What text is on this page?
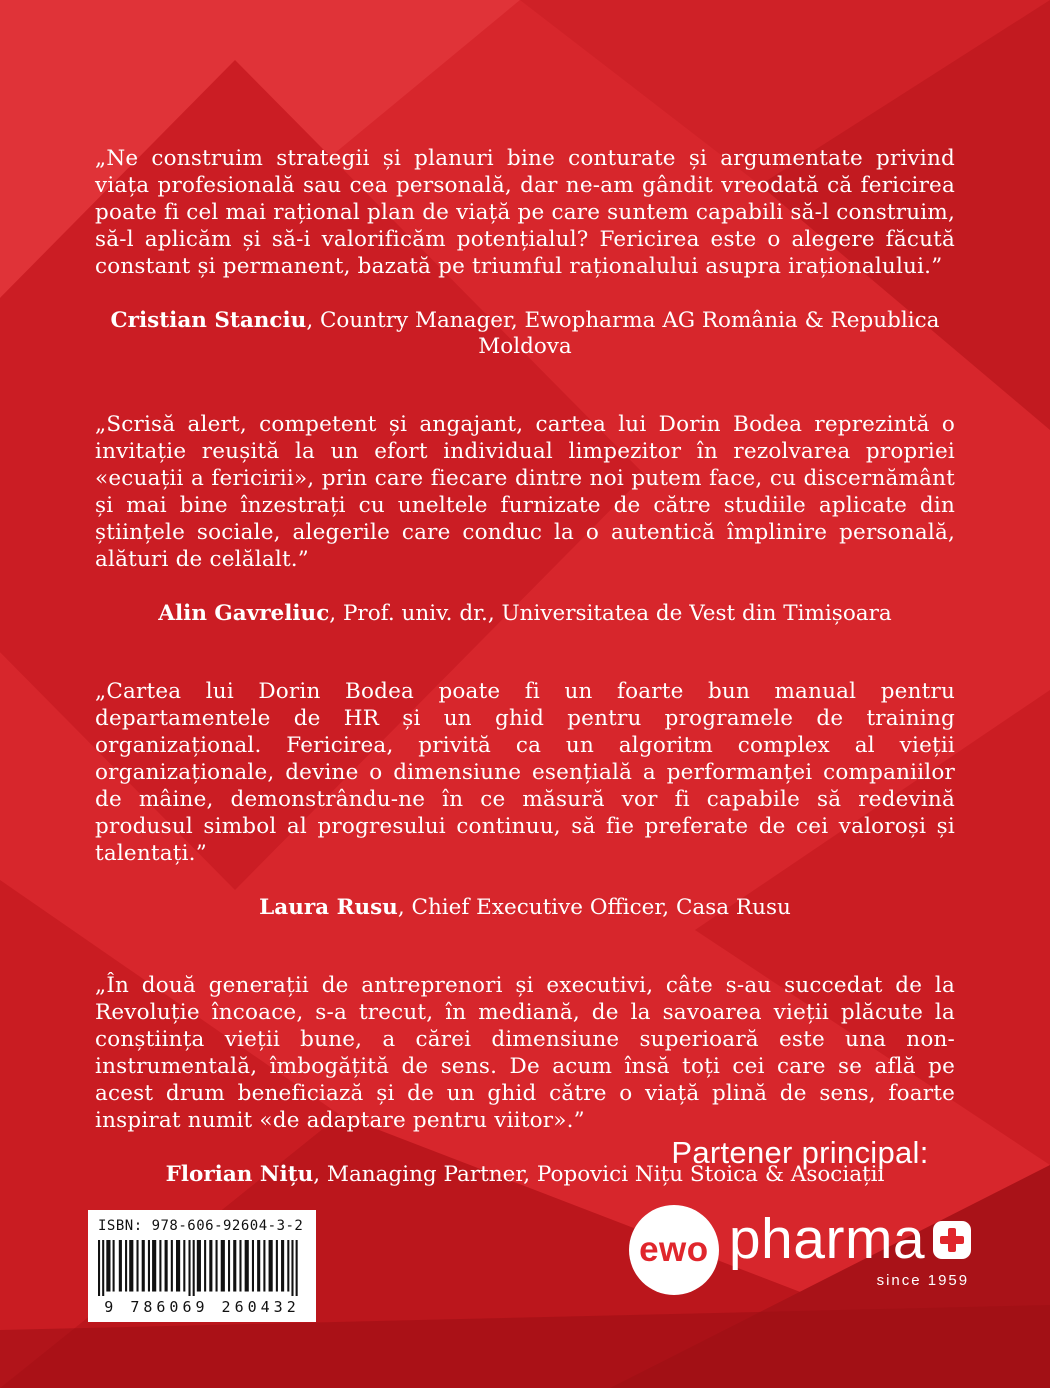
„Ne construim strategii și planuri bine conturate și argumentate privind viața profesională sau cea personală, dar ne-am gândit vreodată că fericirea poate fi cel mai rațional plan de viață pe care suntem capabili să-l construim, să-l aplicăm și să-i valorificăm potențialul? Fericirea este o alegere făcută constant și permanent, bazată pe triumful raționalului asupra iraționalului.”

Cristian Stanciu, Country Manager, Ewopharma AG România & Republica Moldova

„Scrisă alert, competent și angajant, cartea lui Dorin Bodea reprezintă o invitație reușită la un efort individual limpezitor în rezolvarea propriei «ecuații a fericirii», prin care fiecare dintre noi putem face, cu discernământ și mai bine înzestrați cu uneltele furnizate de către studiile aplicate din științele sociale, alegerile care conduc la o autentică împlinire personală, alături de celălalt.”

Alin Gavreliuc, Prof. univ. dr., Universitatea de Vest din Timișoara

„Cartea lui Dorin Bodea poate fi un foarte bun manual pentru departamentele de HR și un ghid pentru programele de training organizațional. Fericirea, privită ca un algoritm complex al vieții organizaționale, devine o dimensiune esențială a performanței companiilor de mâine, demonstrându-ne în ce măsură vor fi capabile să redevină produsul simbol al progresului continuu, să fie preferate de cei valoroși și talentați.”

Laura Rusu, Chief Executive Officer, Casa Rusu

„În două generații de antreprenori și executivi, câte s-au succedat de la Revoluție încoace, s-a trecut, în mediană, de la savoarea vieții plăcute la conștiința vieții bune, a cărei dimensiune superioară este una non-instrumentală, îmbogățită de sens. De acum însă toți cei care se află pe acest drum beneficiază și de un ghid către o viață plină de sens, foarte inspirat numit «de adaptare pentru viitor».”

Florian Nițu, Managing Partner, Popovici Nițu Stoica & Asociații

Partener principal:
ewo pharma
since 1959
ISBN: 978-606-92604-3-2
9 786069 260432
